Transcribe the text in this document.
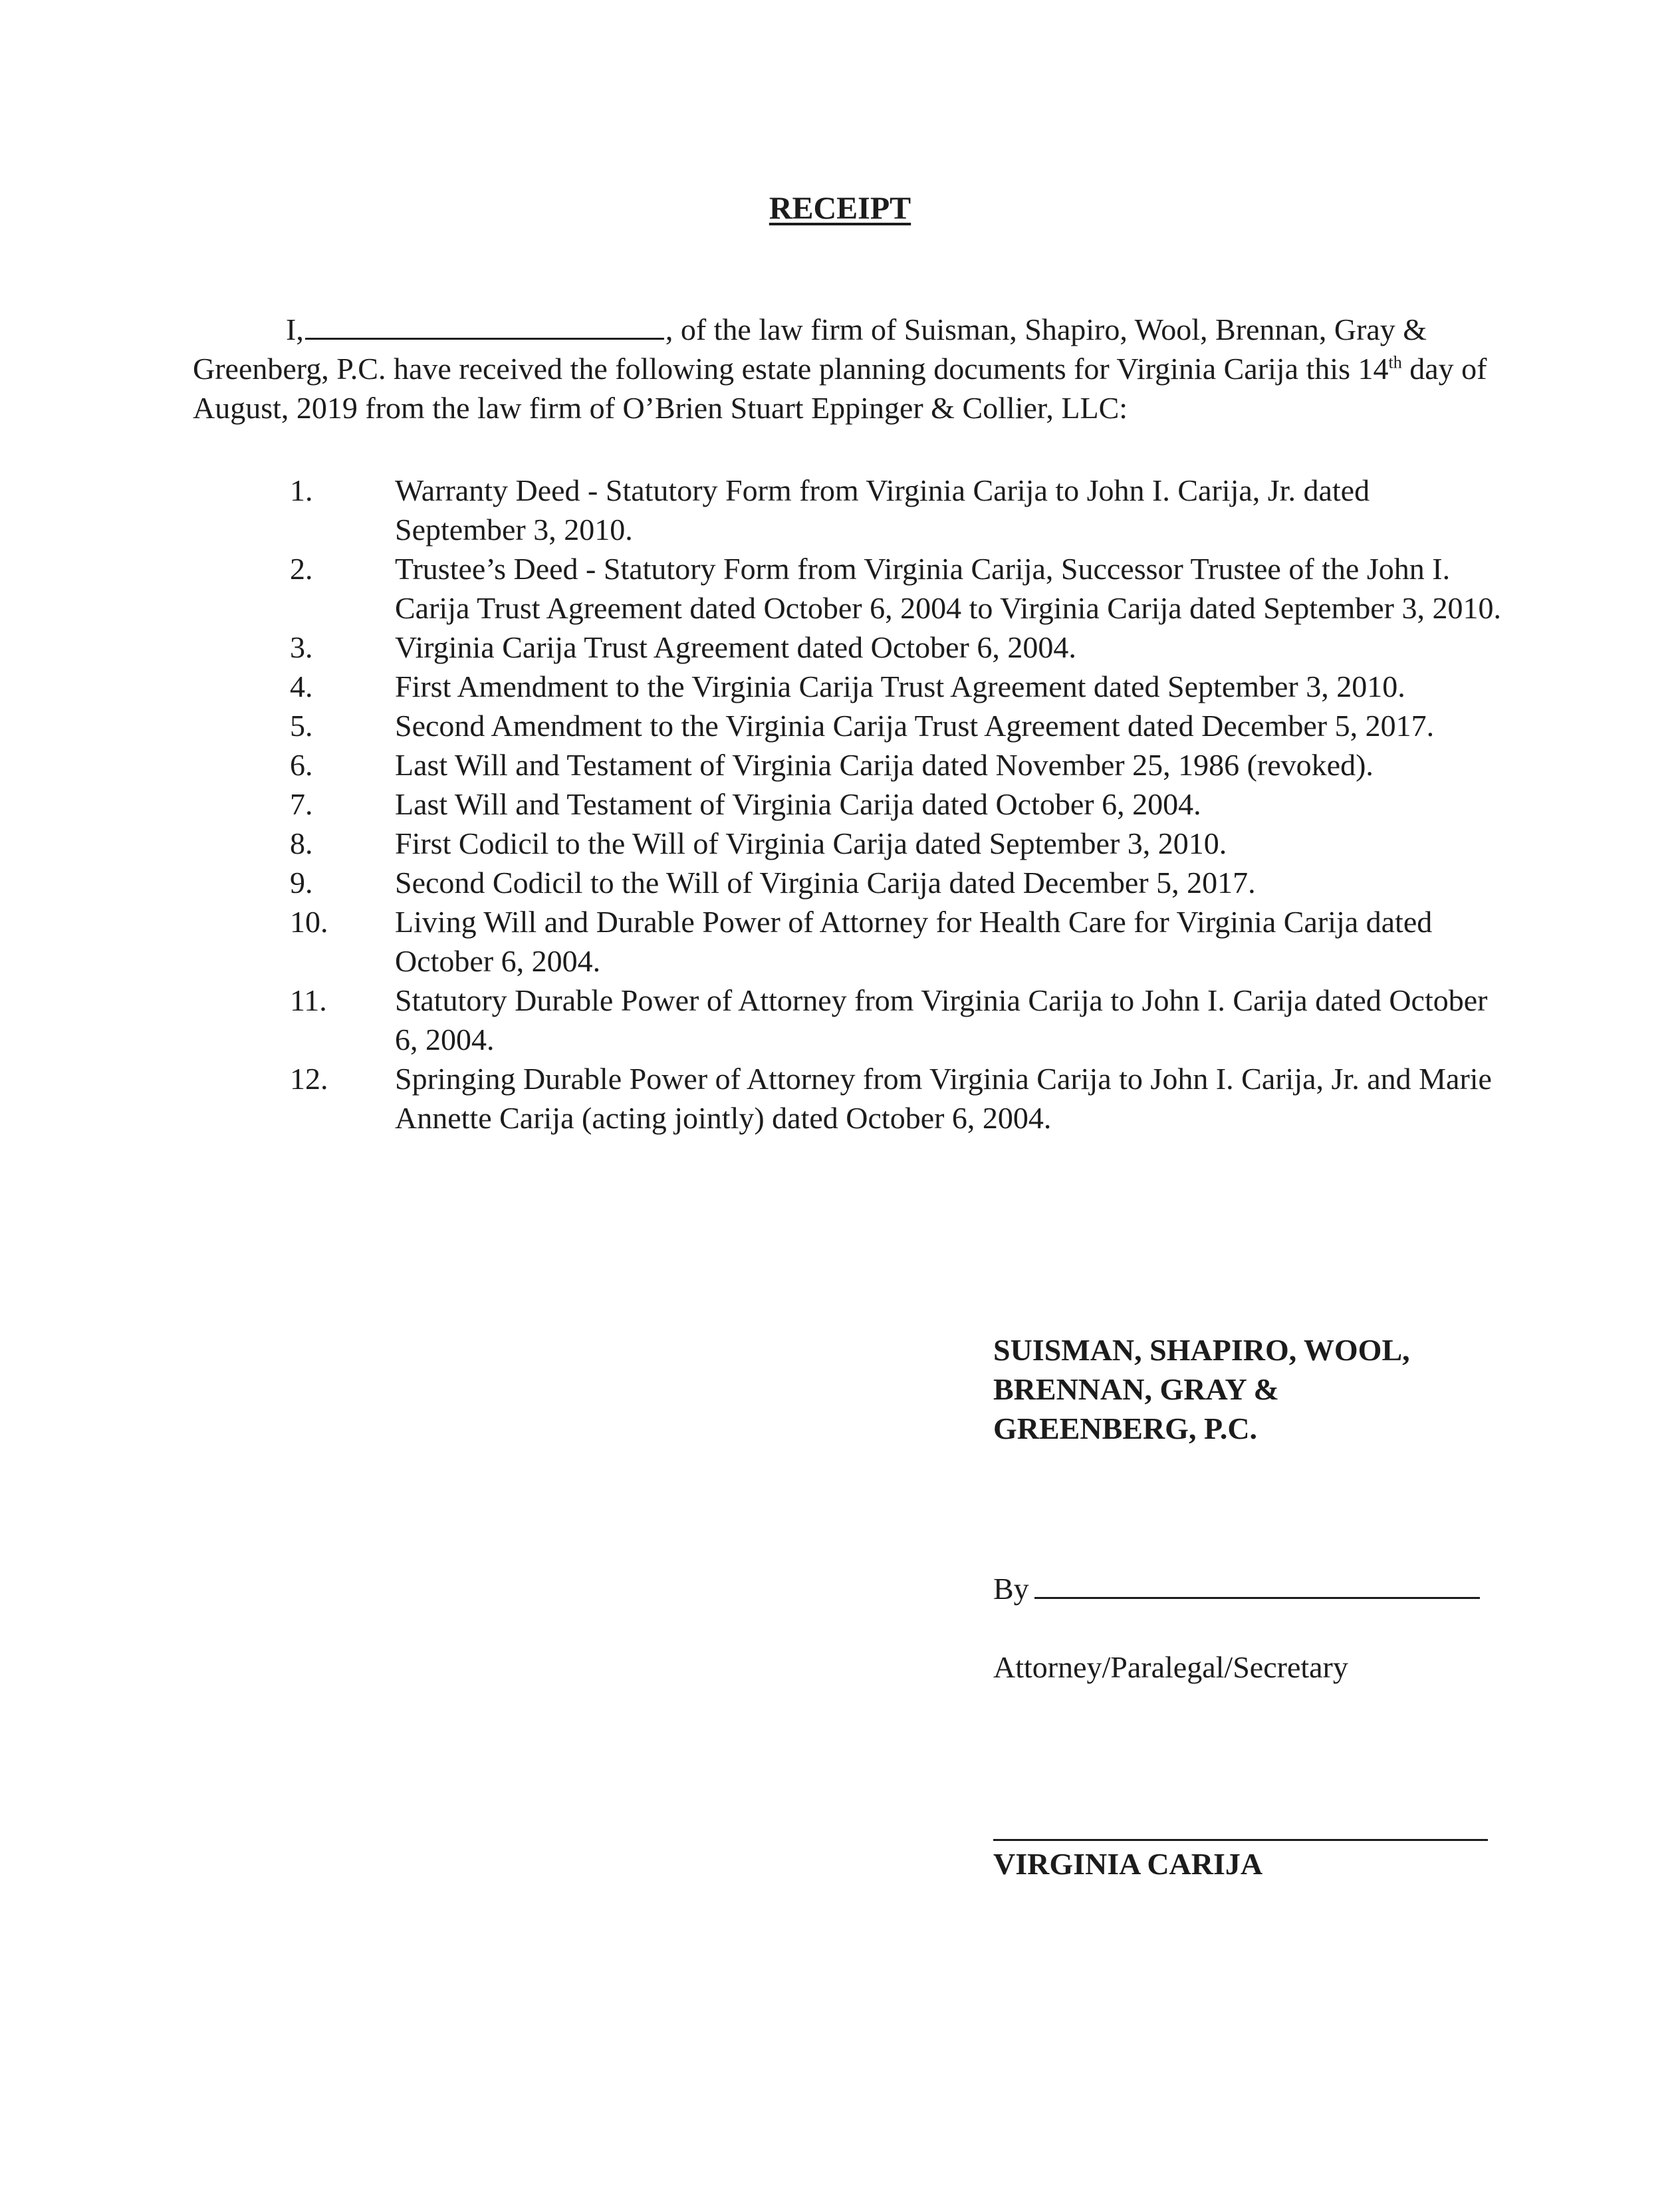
RECEIPT
I,	, of the law firm of Suisman, Shapiro, Wool, Brennan, Gray & Greenberg, P.C. have received the following estate planning documents for Virginia Carija this 14th day of August, 2019 from the law firm of O’Brien Stuart Eppinger & Collier, LLC:
1.	Warranty Deed - Statutory Form from Virginia Carija to John I. Carija, Jr. dated September 3, 2010.
2.	Trustee’s Deed - Statutory Form from Virginia Carija, Successor Trustee of the John I. Carija Trust Agreement dated October 6, 2004 to Virginia Carija dated September 3, 2010.
3.	Virginia Carija Trust Agreement dated October 6, 2004.
4.	First Amendment to the Virginia Carija Trust Agreement dated September 3, 2010.
5.	Second Amendment to the Virginia Carija Trust Agreement dated December 5, 2017.
6.	Last Will and Testament of Virginia Carija dated November 25, 1986 (revoked).
7.	Last Will and Testament of Virginia Carija dated October 6, 2004.
8.	First Codicil to the Will of Virginia Carija dated September 3, 2010.
9.	Second Codicil to the Will of Virginia Carija dated December 5, 2017.
10.	Living Will and Durable Power of Attorney for Health Care for Virginia Carija dated October 6, 2004.
11.	Statutory Durable Power of Attorney from Virginia Carija to John I. Carija dated October 6, 2004.
12.	Springing Durable Power of Attorney from Virginia Carija to John I. Carija, Jr. and Marie Annette Carija (acting jointly) dated October 6, 2004.
SUISMAN, SHAPIRO, WOOL,
BRENNAN, GRAY &
GREENBERG, P.C.
By
Attorney/Paralegal/Secretary
VIRGINIA CARIJA
